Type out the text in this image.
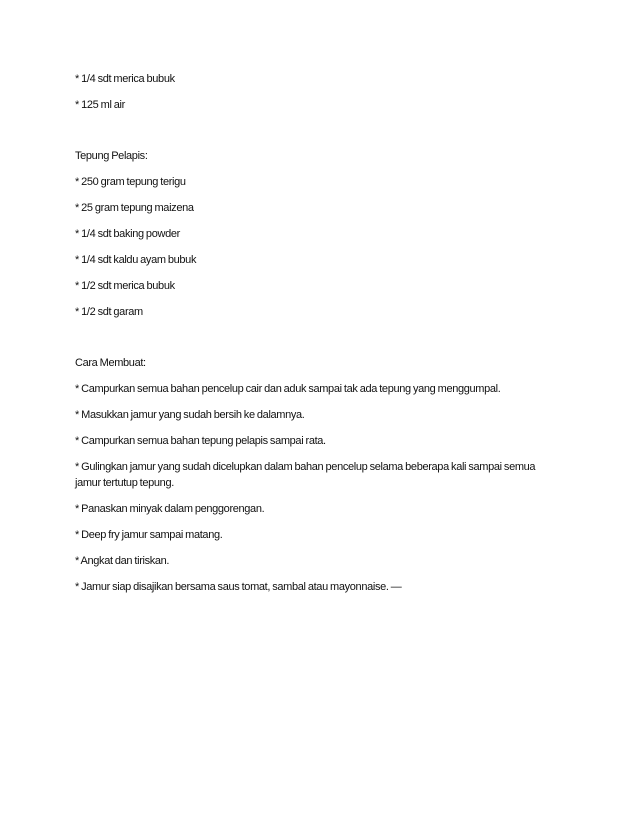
* 1/4 sdt merica bubuk

* 125 ml air

Tepung Pelapis:

* 250 gram tepung terigu

* 25 gram tepung maizena

* 1/4 sdt baking powder

* 1/4 sdt kaldu ayam bubuk

* 1/2 sdt merica bubuk

* 1/2 sdt garam

Cara Membuat:

* Campurkan semua bahan pencelup cair dan aduk sampai tak ada tepung yang menggumpal.

* Masukkan jamur yang sudah bersih ke dalamnya.

* Campurkan semua bahan tepung pelapis sampai rata.

* Gulingkan jamur yang sudah dicelupkan dalam bahan pencelup selama beberapa kali sampai semua
jamur tertutup tepung.

* Panaskan minyak dalam penggorengan.

* Deep fry jamur sampai matang.

* Angkat dan tiriskan.

* Jamur siap disajikan bersama saus tomat, sambal atau mayonnaise. —
